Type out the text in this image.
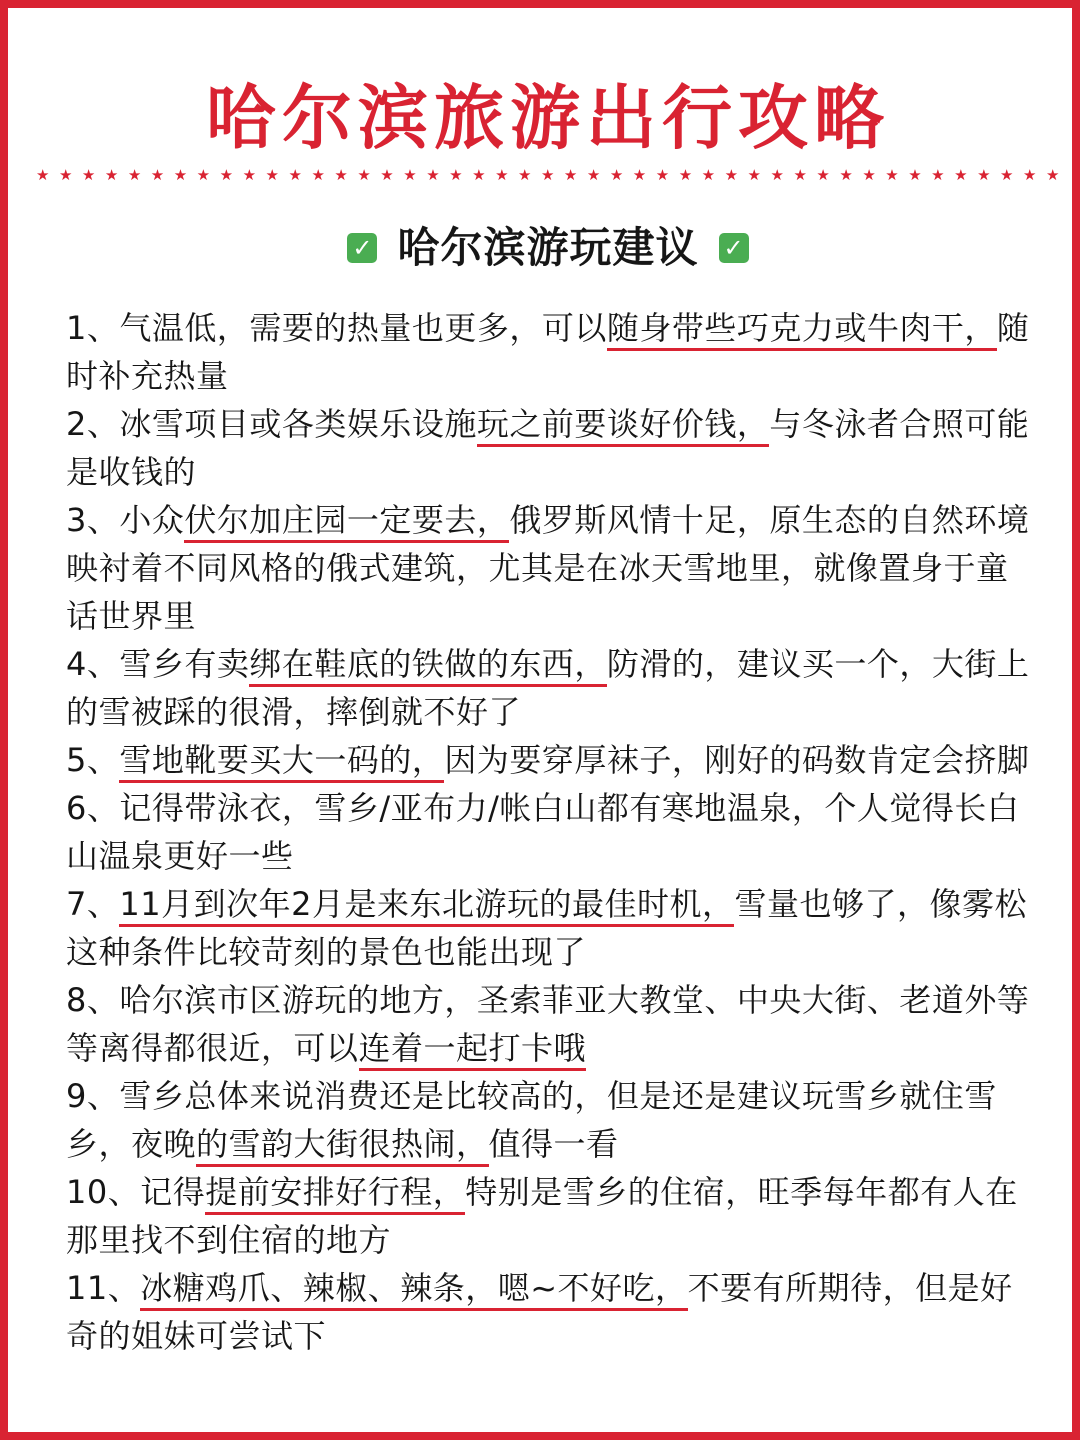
哈尔滨旅游出行攻略
★ ★ ★ ★ ★ ★ ★ ★ ★ ★ ★ ★ ★ ★ ★ ★ ★ ★ ★ ★ ★ ★ ★ ★ ★ ★ ★ ★ ★ ★ ★ ★ ★ ★ ★ ★ ★ ★ ★ ★ ★ ★ ★ ★ ★
✓ 哈尔滨游玩建议 ✓
1、气温低，需要的热量也更多，可以随身带些巧克力或牛肉干，随时补充热量
2、冰雪项目或各类娱乐设施玩之前要谈好价钱，与冬泳者合照可能是收钱的
3、小众伏尔加庄园一定要去，俄罗斯风情十足，原生态的自然环境映衬着不同风格的俄式建筑，尤其是在冰天雪地里，就像置身于童话世界里
4、雪乡有卖绑在鞋底的铁做的东西，防滑的，建议买一个，大街上的雪被踩的很滑，摔倒就不好了
5、雪地靴要买大一码的，因为要穿厚袜子，刚好的码数肯定会挤脚
6、记得带泳衣，雪乡/亚布力/帐白山都有寒地温泉，个人觉得长白山温泉更好一些
7、11月到次年2月是来东北游玩的最佳时机，雪量也够了，像雾松这种条件比较苛刻的景色也能出现了
8、哈尔滨市区游玩的地方，圣索菲亚大教堂、中央大街、老道外等等离得都很近，可以连着一起打卡哦
9、雪乡总体来说消费还是比较高的，但是还是建议玩雪乡就住雪乡，夜晚的雪韵大街很热闹，值得一看
10、记得提前安排好行程，特别是雪乡的住宿，旺季每年都有人在那里找不到住宿的地方
11、冰糖鸡爪、辣椒、辣条，嗯~不好吃，不要有所期待，但是好奇的姐妹可尝试下
